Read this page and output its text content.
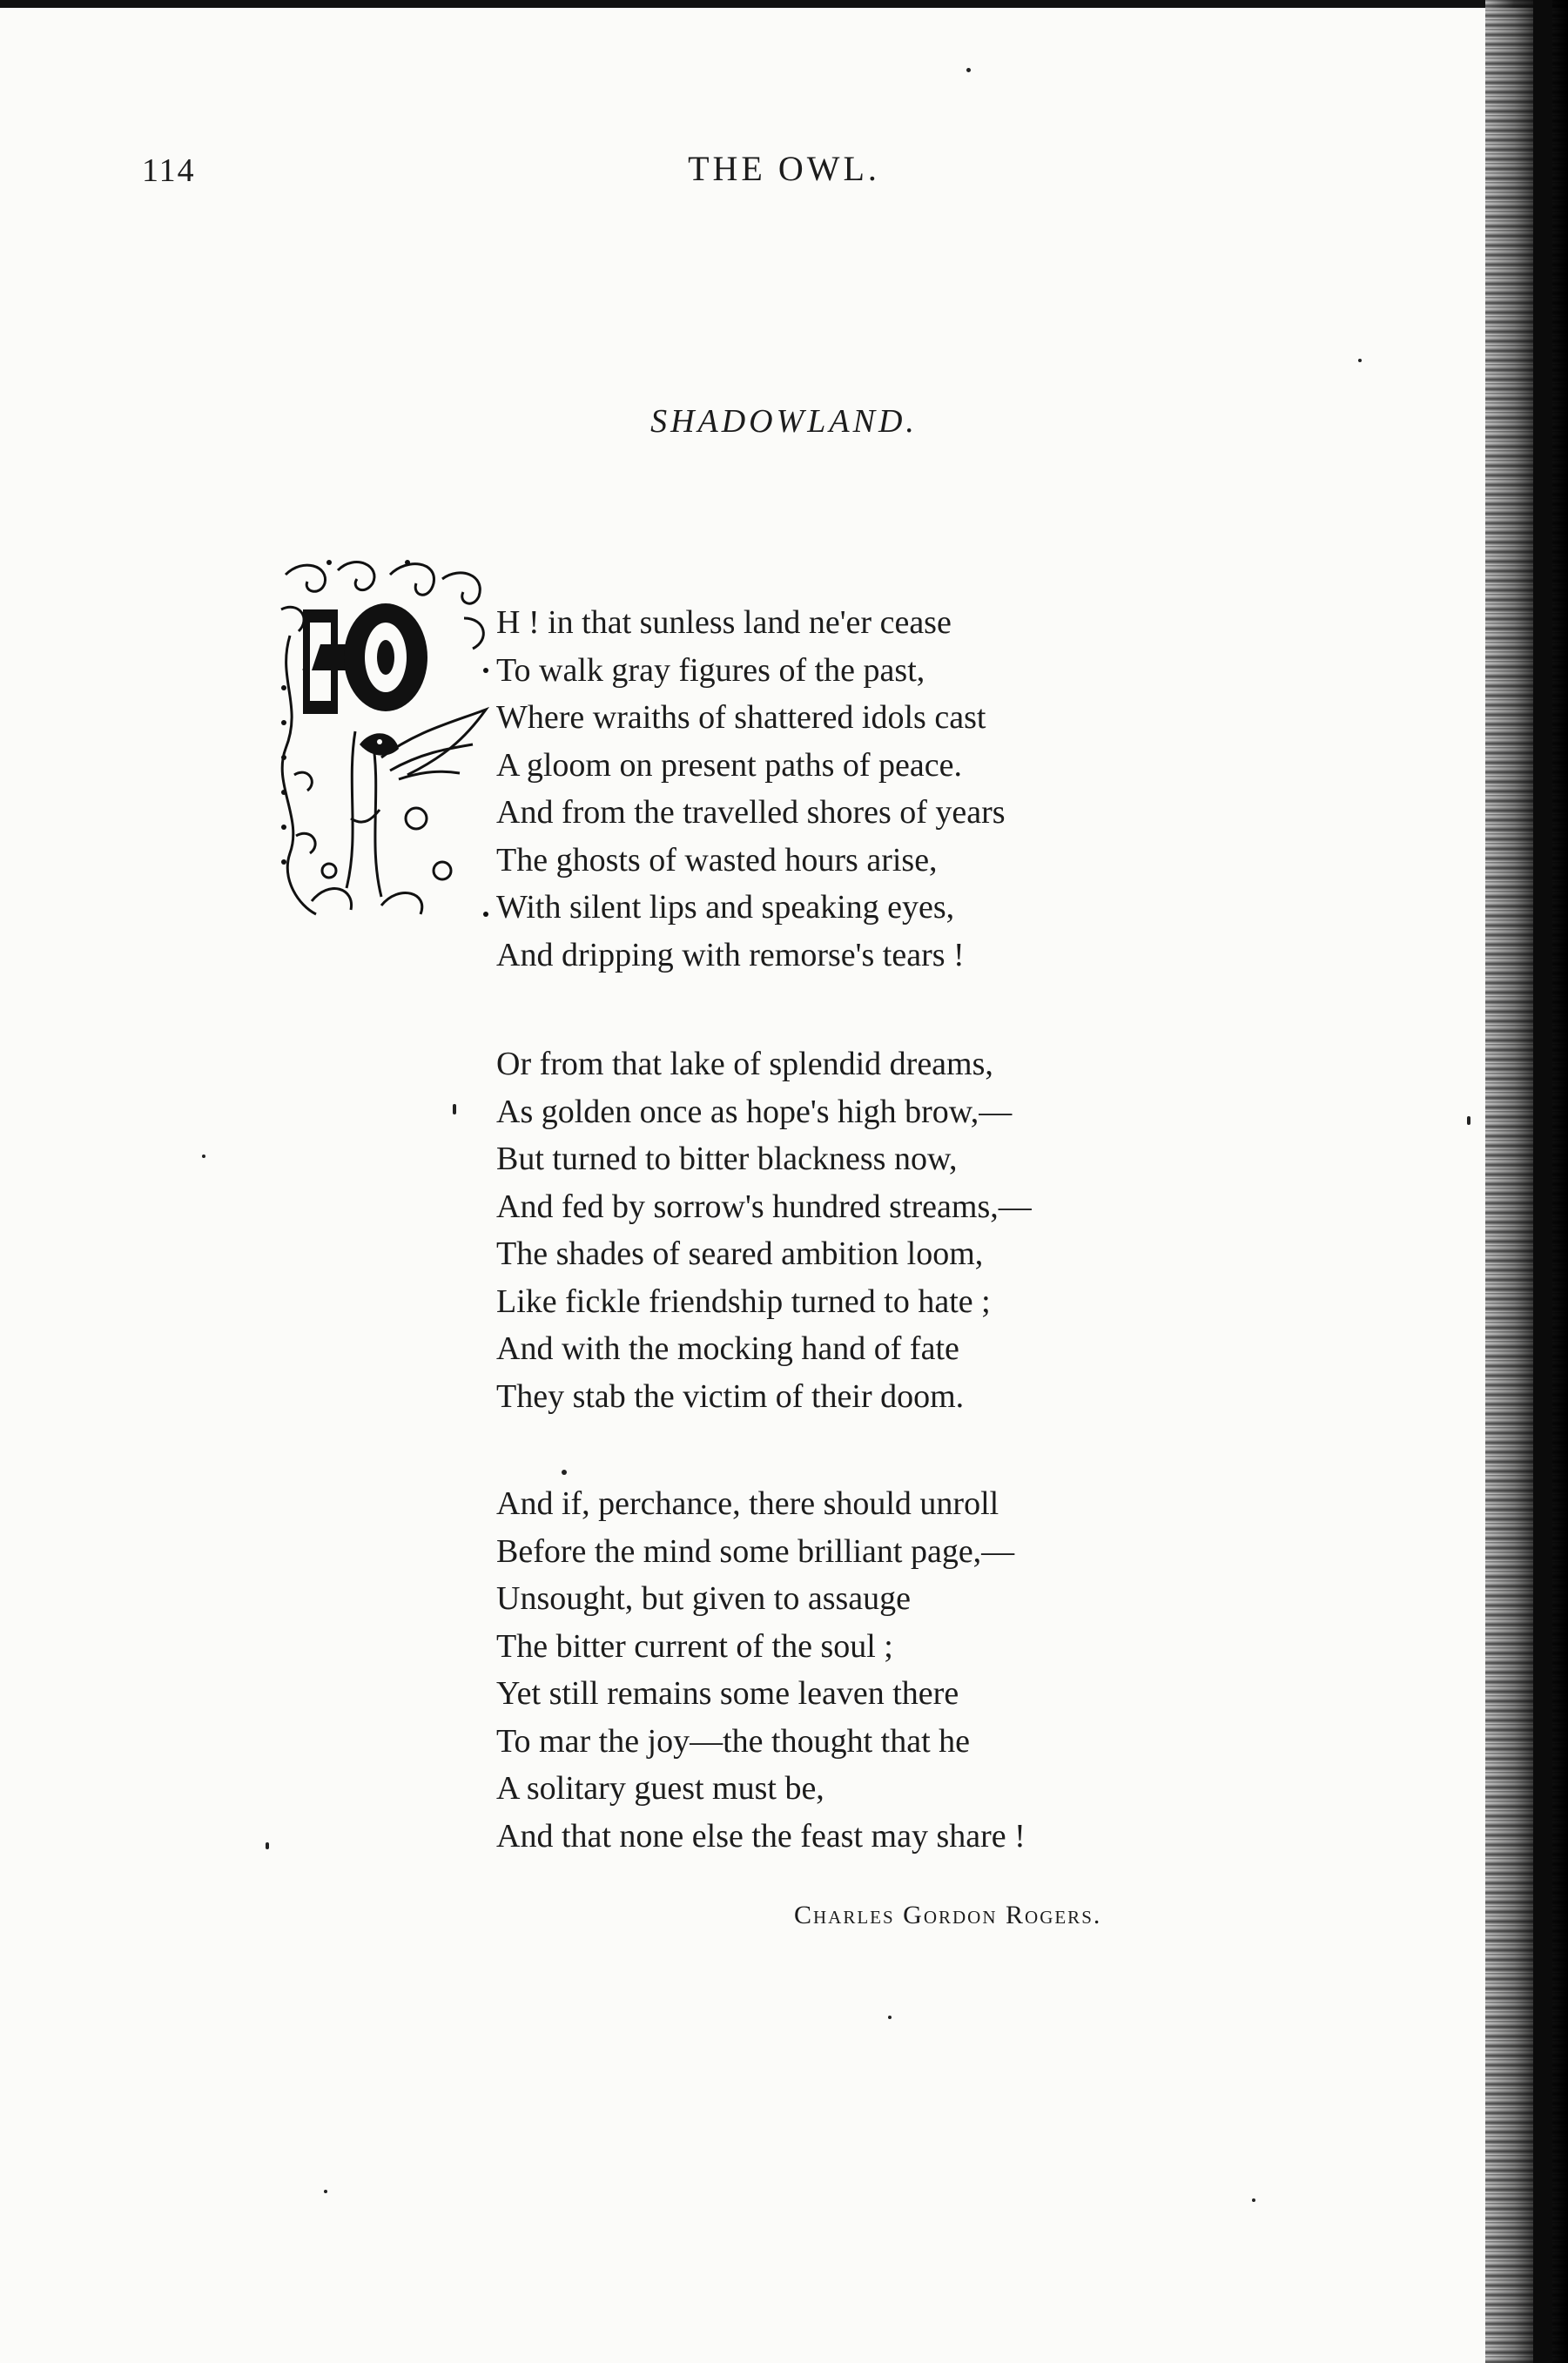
114	THE OWL.
SHADOWLAND.
H ! in that sunless land ne'er cease
To walk gray figures of the past,
Where wraiths of shattered idols cast
A gloom on present paths of peace.
And from the travelled shores of years
The ghosts of wasted hours arise,
With silent lips and speaking eyes,
And dripping with remorse's tears !
Or from that lake of splendid dreams,
As golden once as hope's high brow,—
But turned to bitter blackness now,
And fed by sorrow's hundred streams,—
The shades of seared ambition loom,
Like fickle friendship turned to hate ;
And with the mocking hand of fate
They stab the victim of their doom.
And if, perchance, there should unroll
Before the mind some brilliant page,—
Unsought, but given to assauge
The bitter current of the soul ;
Yet still remains some leaven there
To mar the joy—the thought that he
A solitary guest must be,
And that none else the feast may share !
Charles Gordon Rogers.
